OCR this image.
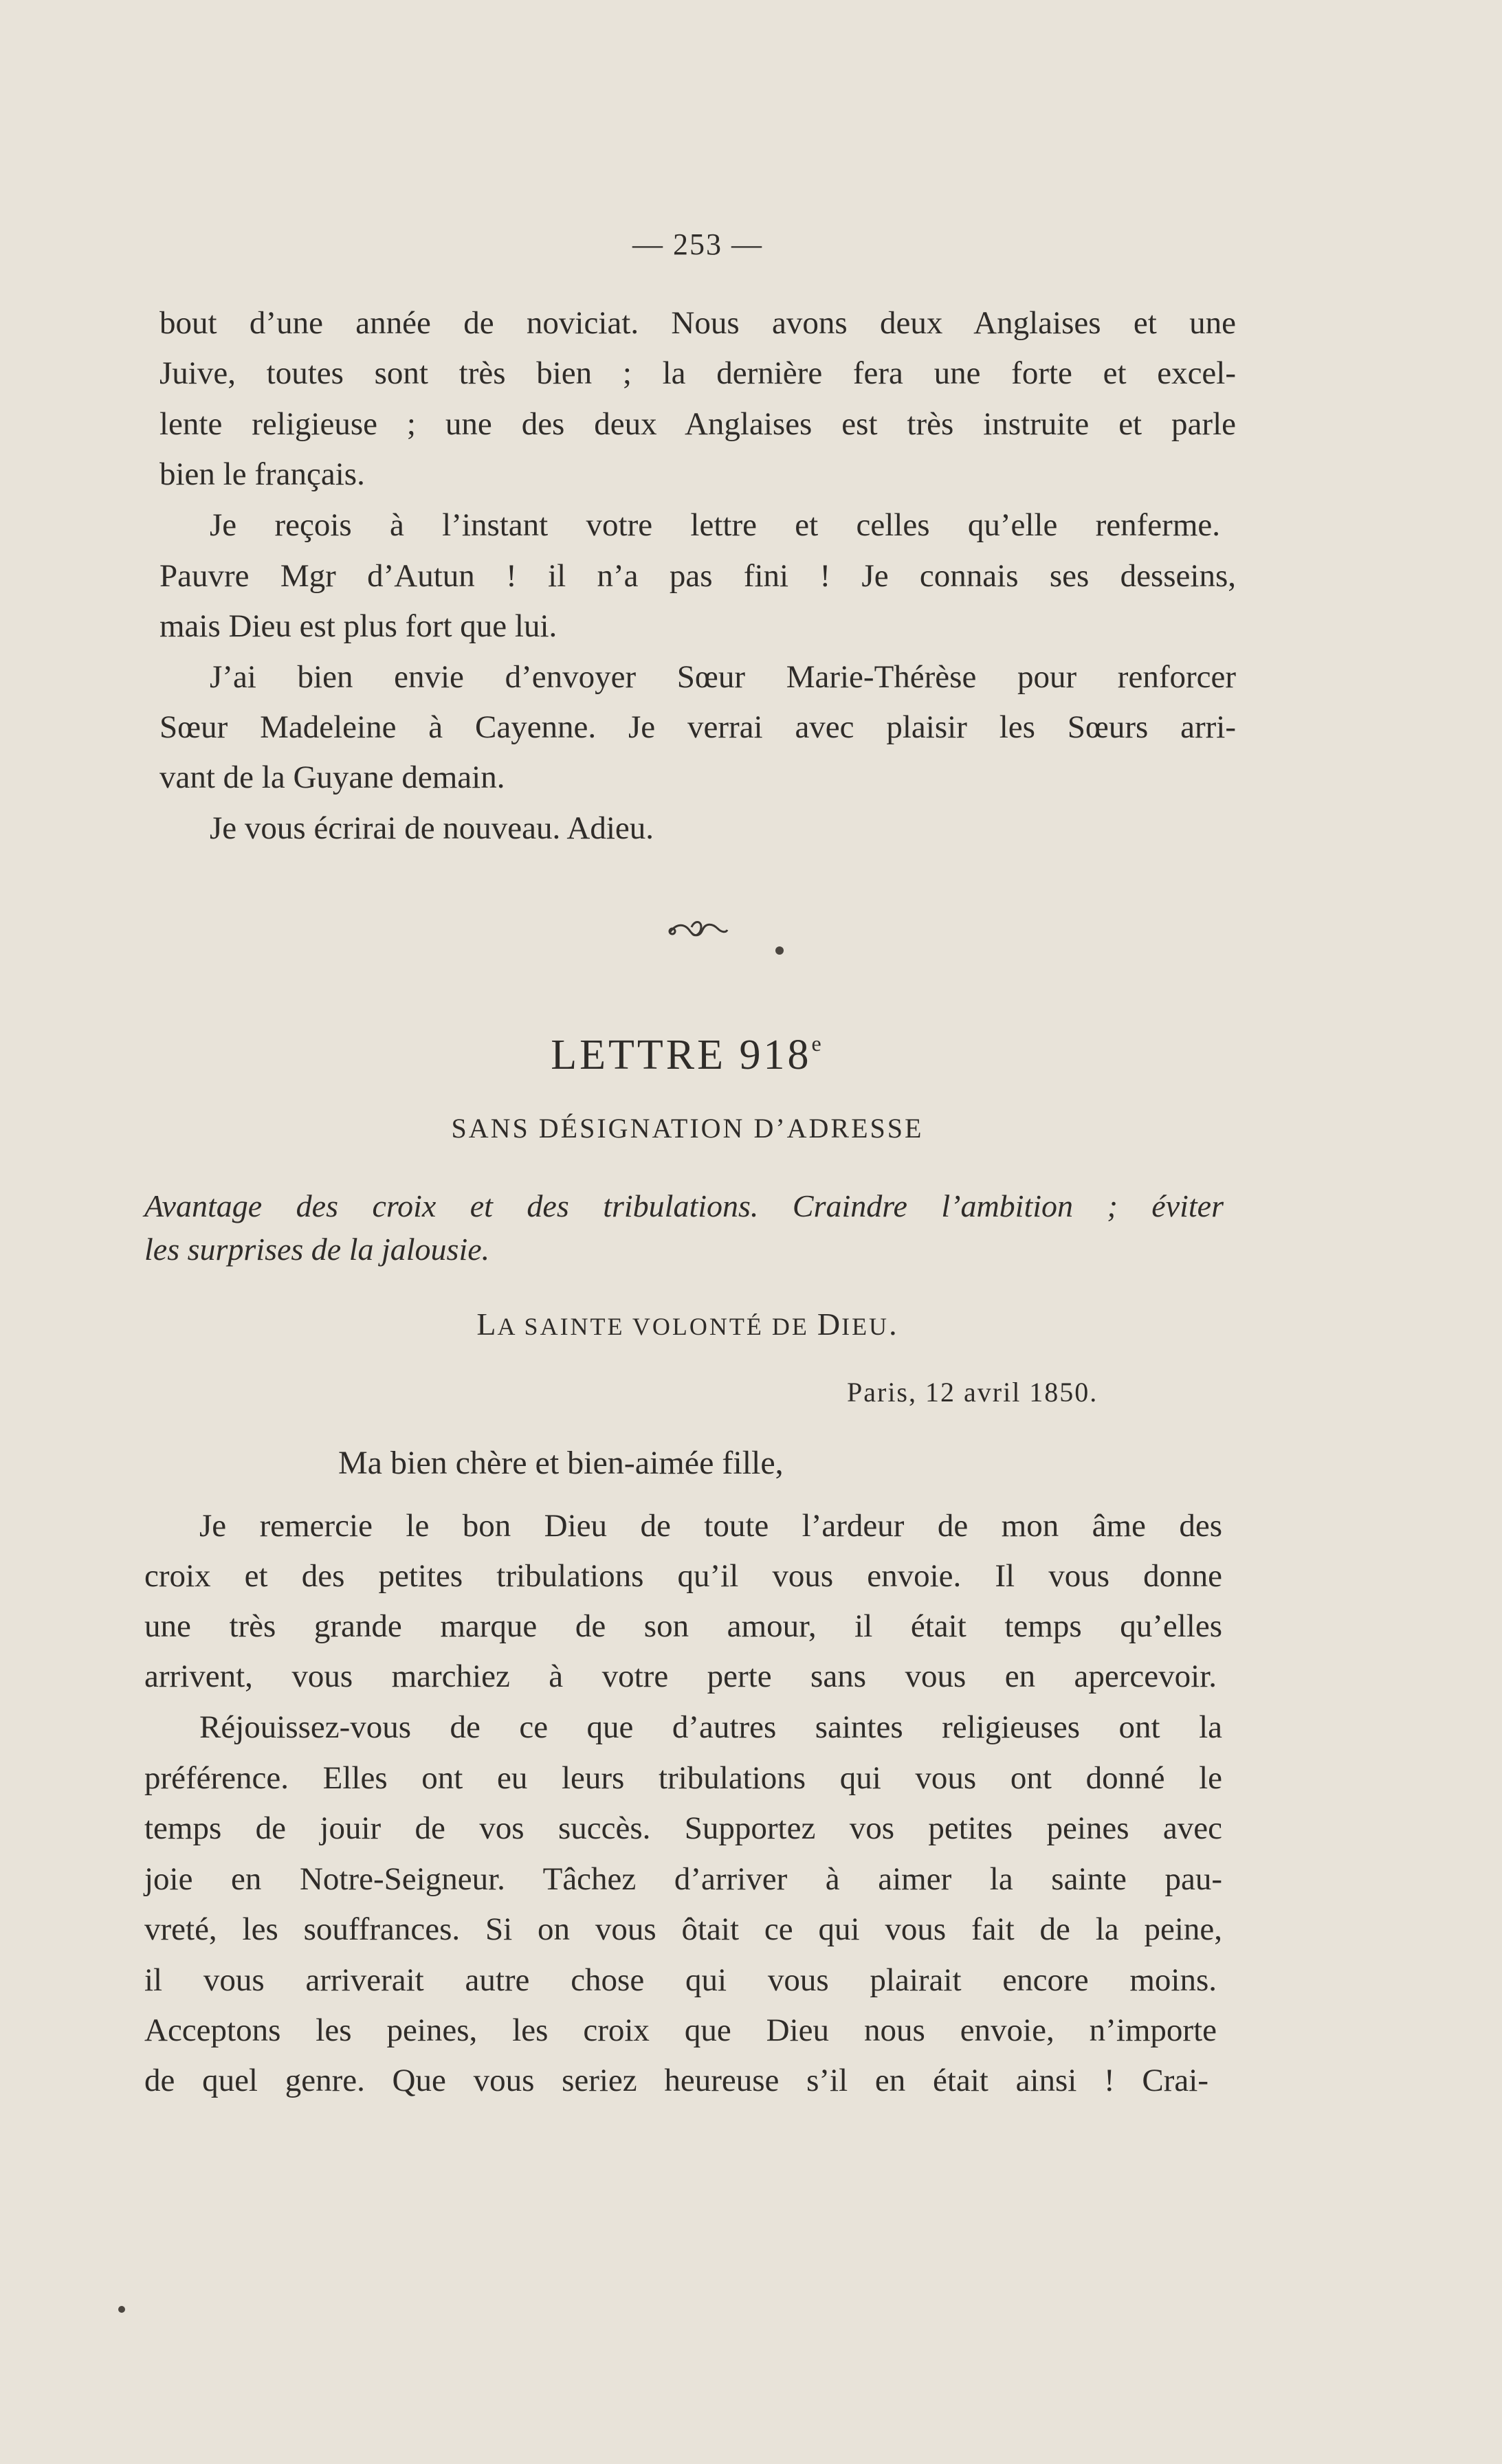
— 253 —
bout d’une année de noviciat. Nous avons deux Anglaises et une
Juive, toutes sont très bien ; la dernière fera une forte et excel-
lente religieuse ; une des deux Anglaises est très instruite et parle
bien le français.
Je reçois à l’instant votre lettre et celles qu’elle renferme.
Pauvre Mgr d’Autun ! il n’a pas fini ! Je connais ses desseins,
mais Dieu est plus fort que lui.
J’ai bien envie d’envoyer Sœur Marie-Thérèse pour renforcer
Sœur Madeleine à Cayenne. Je verrai avec plaisir les Sœurs arri-
vant de la Guyane demain.
Je vous écrirai de nouveau. Adieu.
LETTRE 918e
SANS DÉSIGNATION D’ADRESSE
Avantage des croix et des tribulations. Craindre l’ambition ; éviter
les surprises de la jalousie.
LA SAINTE VOLONTÉ DE DIEU.
Paris, 12 avril 1850.
Ma bien chère et bien-aimée fille,
Je remercie le bon Dieu de toute l’ardeur de mon âme des
croix et des petites tribulations qu’il vous envoie. Il vous donne
une très grande marque de son amour, il était temps qu’elles
arrivent, vous marchiez à votre perte sans vous en apercevoir.
Réjouissez-vous de ce que d’autres saintes religieuses ont la
préférence. Elles ont eu leurs tribulations qui vous ont donné le
temps de jouir de vos succès. Supportez vos petites peines avec
joie en Notre-Seigneur. Tâchez d’arriver à aimer la sainte pau-
vreté, les souffrances. Si on vous ôtait ce qui vous fait de la peine,
il vous arriverait autre chose qui vous plairait encore moins.
Acceptons les peines, les croix que Dieu nous envoie, n’importe
de quel genre. Que vous seriez heureuse s’il en était ainsi ! Crai-
